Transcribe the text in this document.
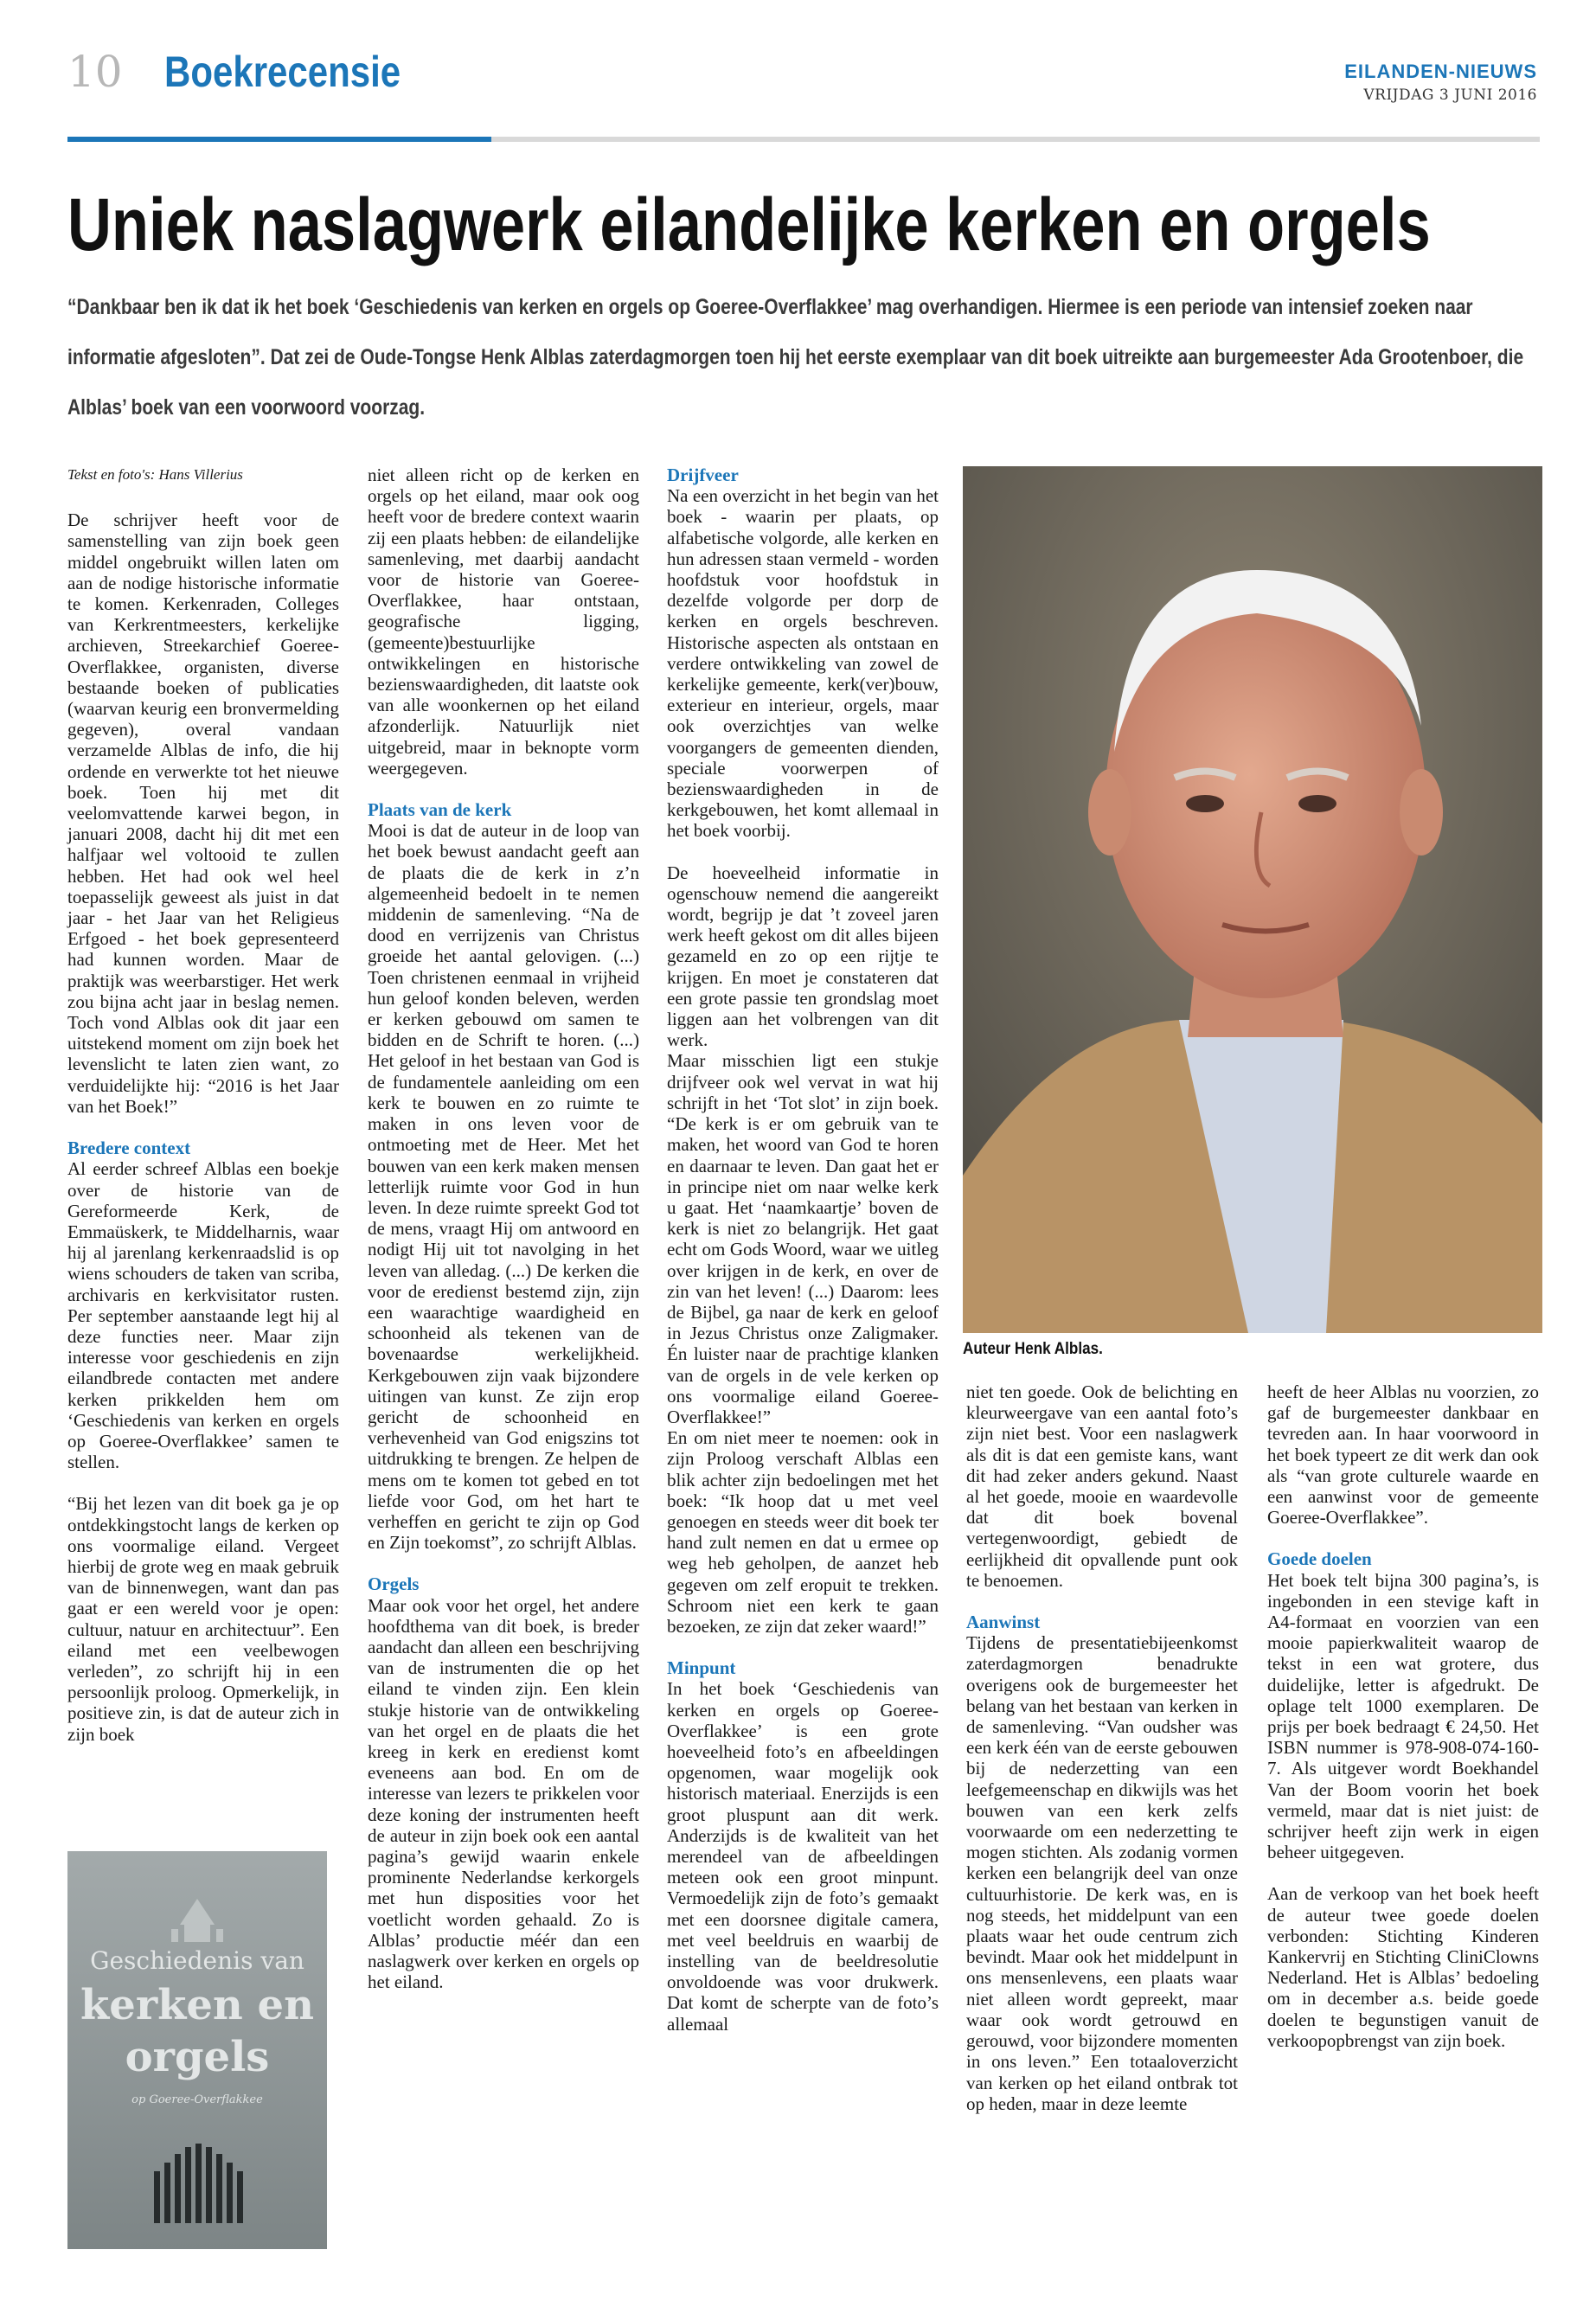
10 Boekrecensie	EILANDEN-NIEUWS
VRIJDAG 3 JUNI 2016
Uniek naslagwerk eilandelijke kerken en orgels
“Dankbaar ben ik dat ik het boek ‘Geschiedenis van kerken en orgels op Goeree-Overflakkee’ mag overhandigen. Hiermee is een periode van intensief zoeken naar informatie afgesloten”. Dat zei de Oude-Tongse Henk Alblas zaterdagmorgen toen hij het eerste exemplaar van dit boek uitreikte aan burgemeester Ada Grootenboer, die Alblas’ boek van een voorwoord voorzag.

Tekst en foto's: Hans Villerius

De schrijver heeft voor de samenstelling van zijn boek geen middel ongebruikt willen laten om aan de nodige historische informatie te komen. Kerkenraden, Colleges van Kerkrentmeesters, kerkelijke archieven, Streekarchief Goeree-Overflakkee, organisten, diverse bestaande boeken of publicaties (waarvan keurig een bronvermelding gegeven), overal vandaan verzamelde Alblas de info, die hij ordende en verwerkte tot het nieuwe boek. Toen hij met dit veelomvattende karwei begon, in januari 2008, dacht hij dit met een halfjaar wel voltooid te zullen hebben. Het had ook wel heel toepasselijk geweest als juist in dat jaar - het Jaar van het Religieus Erfgoed - het boek gepresenteerd had kunnen worden. Maar de praktijk was weerbarstiger. Het werk zou bijna acht jaar in beslag nemen. Toch vond Alblas ook dit jaar een uitstekend moment om zijn boek het levenslicht te laten zien want, zo verduidelijkte hij: “2016 is het Jaar van het Boek!”

Bredere context

Al eerder schreef Alblas een boekje over de historie van de Gereformeerde Kerk, de Emmaüskerk, te Middelharnis, waar hij al jarenlang kerkenraadslid is op wiens schouders de taken van scriba, archivaris en kerkvisitator rusten. Per september aanstaande legt hij al deze functies neer. Maar zijn interesse voor geschiedenis en zijn eilandbrede contacten met andere kerken prikkelden hem om ‘Geschiedenis van kerken en orgels op Goeree-Overflakkee’ samen te stellen.

“Bij het lezen van dit boek ga je op ontdekkingstocht langs de kerken op ons voormalige eiland. Vergeet hierbij de grote weg en maak gebruik van de binnenwegen, want dan pas gaat er een wereld voor je open: cultuur, natuur en architectuur”. Een eiland met een veelbewogen verleden”, zo schrijft hij in een persoonlijk proloog. Opmerkelijk, in positieve zin, is dat de auteur zich in zijn boek

Geschiedenis van
kerken en
orgels
op Goeree-Overflakkee

niet alleen richt op de kerken en orgels op het eiland, maar ook oog heeft voor de bredere context waarin zij een plaats hebben: de eilandelijke samenleving, met daarbij aandacht voor de historie van Goeree-Overflakkee, haar ontstaan, geografische ligging, (gemeente)bestuurlijke ontwikkelingen en historische bezienswaardigheden, dit laatste ook van alle woonkernen op het eiland afzonderlijk. Natuurlijk niet uitgebreid, maar in beknopte vorm weergegeven.

Plaats van de kerk

Mooi is dat de auteur in de loop van het boek bewust aandacht geeft aan de plaats die de kerk in z’n algemeenheid bedoelt in te nemen middenin de samenleving. “Na de dood en verrijzenis van Christus groeide het aantal gelovigen. (...) Toen christenen eenmaal in vrijheid hun geloof konden beleven, werden er kerken gebouwd om samen te bidden en de Schrift te horen. (...) Het geloof in het bestaan van God is de fundamentele aanleiding om een kerk te bouwen en zo ruimte te maken in ons leven voor de ontmoeting met de Heer. Met het bouwen van een kerk maken mensen letterlijk ruimte voor God in hun leven. In deze ruimte spreekt God tot de mens, vraagt Hij om antwoord en nodigt Hij uit tot navolging in het leven van alledag. (...) De kerken die voor de eredienst bestemd zijn, zijn een waarachtige waardigheid en schoonheid als tekenen van de bovenaardse werkelijkheid. Kerkgebouwen zijn vaak bijzondere uitingen van kunst. Ze zijn erop gericht de schoonheid en verhevenheid van God enigszins tot uitdrukking te brengen. Ze helpen de mens om te komen tot gebed en tot liefde voor God, om het hart te verheffen en gericht te zijn op God en Zijn toekomst”, zo schrijft Alblas.

Orgels

Maar ook voor het orgel, het andere hoofdthema van dit boek, is breder aandacht dan alleen een beschrijving van de instrumenten die op het eiland te vinden zijn. Een klein stukje historie van de ontwikkeling van het orgel en de plaats die het kreeg in kerk en eredienst komt eveneens aan bod. En om de interesse van lezers te prikkelen voor deze koning der instrumenten heeft de auteur in zijn boek ook een aantal pagina’s gewijd waarin enkele prominente Nederlandse kerkorgels met hun disposities voor het voetlicht worden gehaald. Zo is Alblas’ productie méér dan een naslagwerk over kerken en orgels op het eiland.

Drijfveer

Na een overzicht in het begin van het boek - waarin per plaats, op alfabetische volgorde, alle kerken en hun adressen staan vermeld - worden hoofdstuk voor hoofdstuk in dezelfde volgorde per dorp de kerken en orgels beschreven. Historische aspecten als ontstaan en verdere ontwikkeling van zowel de kerkelijke gemeente, kerk(ver)bouw, exterieur en interieur, orgels, maar ook overzichtjes van welke voorgangers de gemeenten dienden, speciale voorwerpen of bezienswaardigheden in de kerkgebouwen, het komt allemaal in het boek voorbij.

De hoeveelheid informatie in ogenschouw nemend die aangereikt wordt, begrijp je dat ’t zoveel jaren werk heeft gekost om dit alles bijeen gezameld en zo op een rijtje te krijgen. En moet je constateren dat een grote passie ten grondslag moet liggen aan het volbrengen van dit werk.

Maar misschien ligt een stukje drijfveer ook wel vervat in wat hij schrijft in het ‘Tot slot’ in zijn boek. “De kerk is er om gebruik van te maken, het woord van God te horen en daarnaar te leven. Dan gaat het er in principe niet om naar welke kerk u gaat. Het ‘naamkaartje’ boven de kerk is niet zo belangrijk. Het gaat echt om Gods Woord, waar we uitleg over krijgen in de kerk, en over de zin van het leven! (...) Daarom: lees de Bijbel, ga naar de kerk en geloof in Jezus Christus onze Zaligmaker. Én luister naar de prachtige klanken van de orgels in de vele kerken op ons voormalige eiland Goeree-Overflakkee!”

En om niet meer te noemen: ook in zijn Proloog verschaft Alblas een blik achter zijn bedoelingen met het boek: “Ik hoop dat u met veel genoegen en steeds weer dit boek ter hand zult nemen en dat u ermee op weg heb geholpen, de aanzet heb gegeven om zelf eropuit te trekken. Schroom niet een kerk te gaan bezoeken, ze zijn dat zeker waard!”

Minpunt

In het boek ‘Geschiedenis van kerken en orgels op Goeree-Overflakkee’ is een grote hoeveelheid foto’s en afbeeldingen opgenomen, waar mogelijk ook historisch materiaal. Enerzijds is een groot pluspunt aan dit werk. Anderzijds is de kwaliteit van het merendeel van de afbeeldingen meteen ook een groot minpunt. Vermoedelijk zijn de foto’s gemaakt met een doorsnee digitale camera, met veel beeldruis en waarbij de instelling van de beeldresolutie onvoldoende was voor drukwerk. Dat komt de scherpte van de foto’s allemaal

Auteur Henk Alblas.

niet ten goede. Ook de belichting en kleurweergave van een aantal foto’s zijn niet best. Voor een naslagwerk als dit is dat een gemiste kans, want dit had zeker anders gekund. Naast al het goede, mooie en waardevolle dat dit boek bovenal vertegenwoordigt, gebiedt de eerlijkheid dit opvallende punt ook te benoemen.

Aanwinst

Tijdens de presentatiebijeenkomst zaterdagmorgen benadrukte overigens ook de burgemeester het belang van het bestaan van kerken in de samenleving. “Van oudsher was een kerk één van de eerste gebouwen bij de nederzetting van een leefgemeenschap en dikwijls was het bouwen van een kerk zelfs voorwaarde om een nederzetting te mogen stichten. Als zodanig vormen kerken een belangrijk deel van onze cultuurhistorie. De kerk was, en is nog steeds, het middelpunt van een plaats waar het oude centrum zich bevindt. Maar ook het middelpunt in ons mensenlevens, een plaats waar niet alleen wordt gepreekt, maar waar ook wordt getrouwd en gerouwd, voor bijzondere momenten in ons leven.” Een totaaloverzicht van kerken op het eiland ontbrak tot op heden, maar in deze leemte

heeft de heer Alblas nu voorzien, zo gaf de burgemeester dankbaar en tevreden aan. In haar voorwoord in het boek typeert ze dit werk dan ook als “van grote culturele waarde en een aanwinst voor de gemeente Goeree-Overflakkee”.

Goede doelen

Het boek telt bijna 300 pagina’s, is ingebonden in een stevige kaft in A4-formaat en voorzien van een mooie papierkwaliteit waarop de tekst in een wat grotere, dus duidelijke, letter is afgedrukt. De oplage telt 1000 exemplaren. De prijs per boek bedraagt € 24,50. Het ISBN nummer is 978-908-074-160-7. Als uitgever wordt Boekhandel Van der Boom voorin het boek vermeld, maar dat is niet juist: de schrijver heeft zijn werk in eigen beheer uitgegeven.

Aan de verkoop van het boek heeft de auteur twee goede doelen verbonden: Stichting Kinderen Kankervrij en Stichting CliniClowns Nederland. Het is Alblas’ bedoeling om in december a.s. beide goede doelen te begunstigen vanuit de verkoopopbrengst van zijn boek.
